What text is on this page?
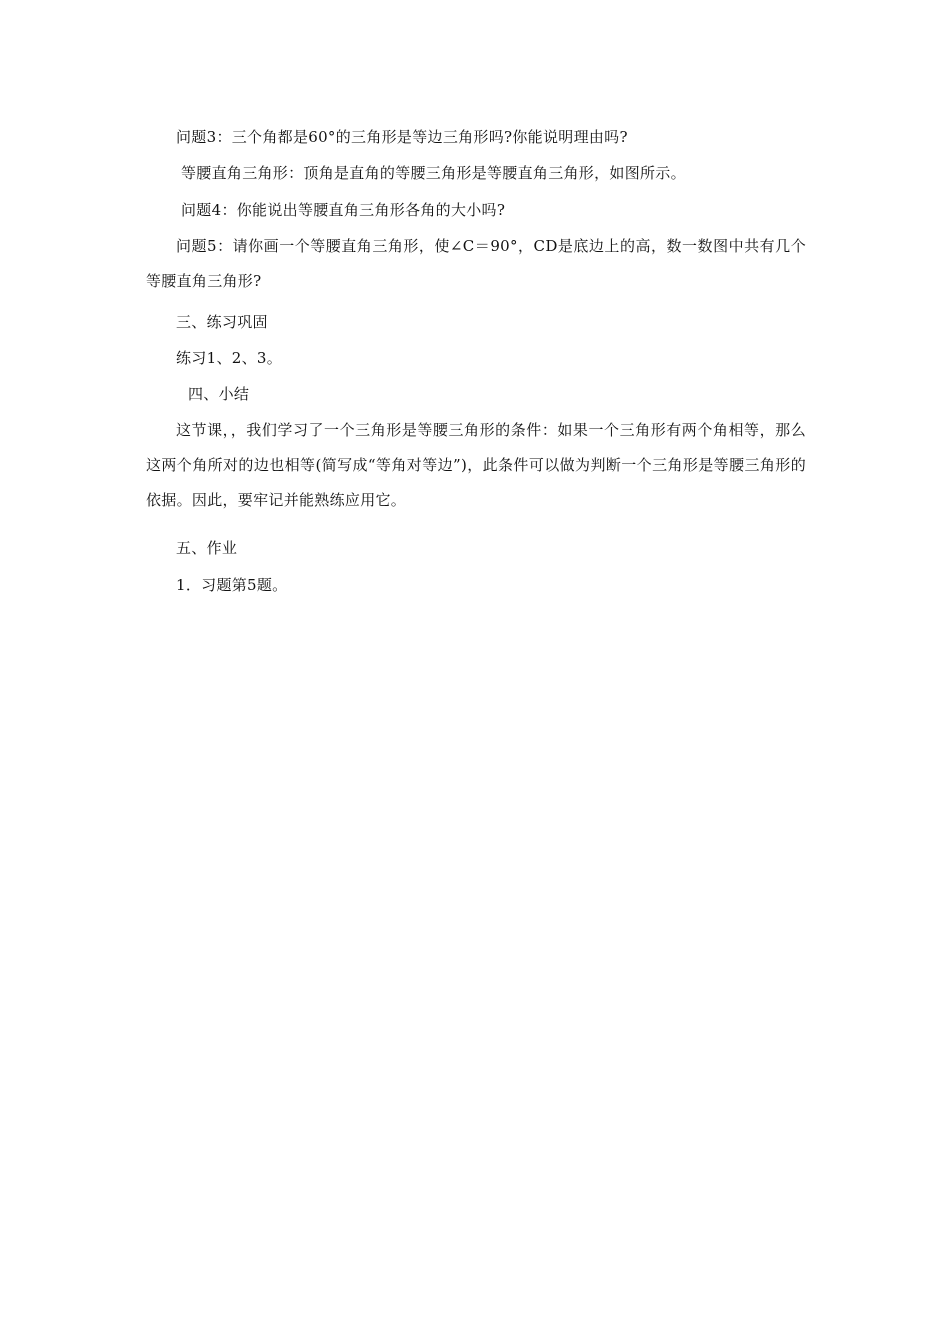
问题3：三个角都是60°的三角形是等边三角形吗?你能说明理由吗?
等腰直角三角形：顶角是直角的等腰三角形是等腰直角三角形，如图所示。
问题4：你能说出等腰直角三角形各角的大小吗?

问题5：请你画一个等腰直角三角形，使∠C＝90°，CD是底边上的高，数一数图中共有几个等腰直角三角形?

三、练习巩固
练习1、2、3。
四、小结

这节课，，我们学习了一个三角形是等腰三角形的条件：如果一个三角形有两个角相等，那么这两个角所对的边也相等(简写成“等角对等边”)，此条件可以做为判断一个三角形是等腰三角形的依据。因此，要牢记并能熟练应用它。

五、作业
1．习题第5题。
